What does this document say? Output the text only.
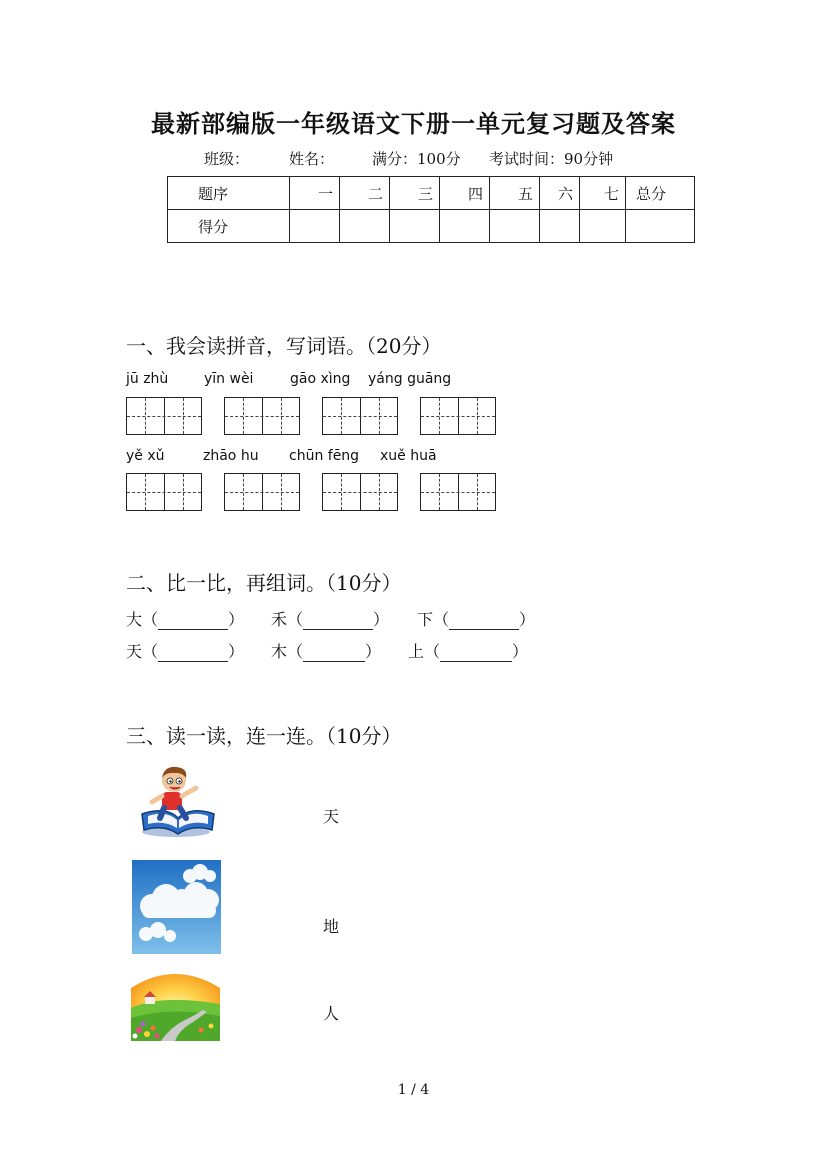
最新部编版一年级语文下册一单元复习题及答案
班级：	姓名：	满分：100分 考试时间：90分钟
题序	一	二	三	四	五	六	七	总分
得分								
一、我会读拼音，写词语。（20分）
jū zhù	yīn wèi	gāo xìng yáng guāng
yě xǔ	zhāo hu chūn fēng xuě huā
二、比一比，再组词。（10分）
大（	） 禾（	） 下（	）
天（	） 木（	） 上（	）
三、读一读，连一连。（10分）
天
地
人
1 / 4
